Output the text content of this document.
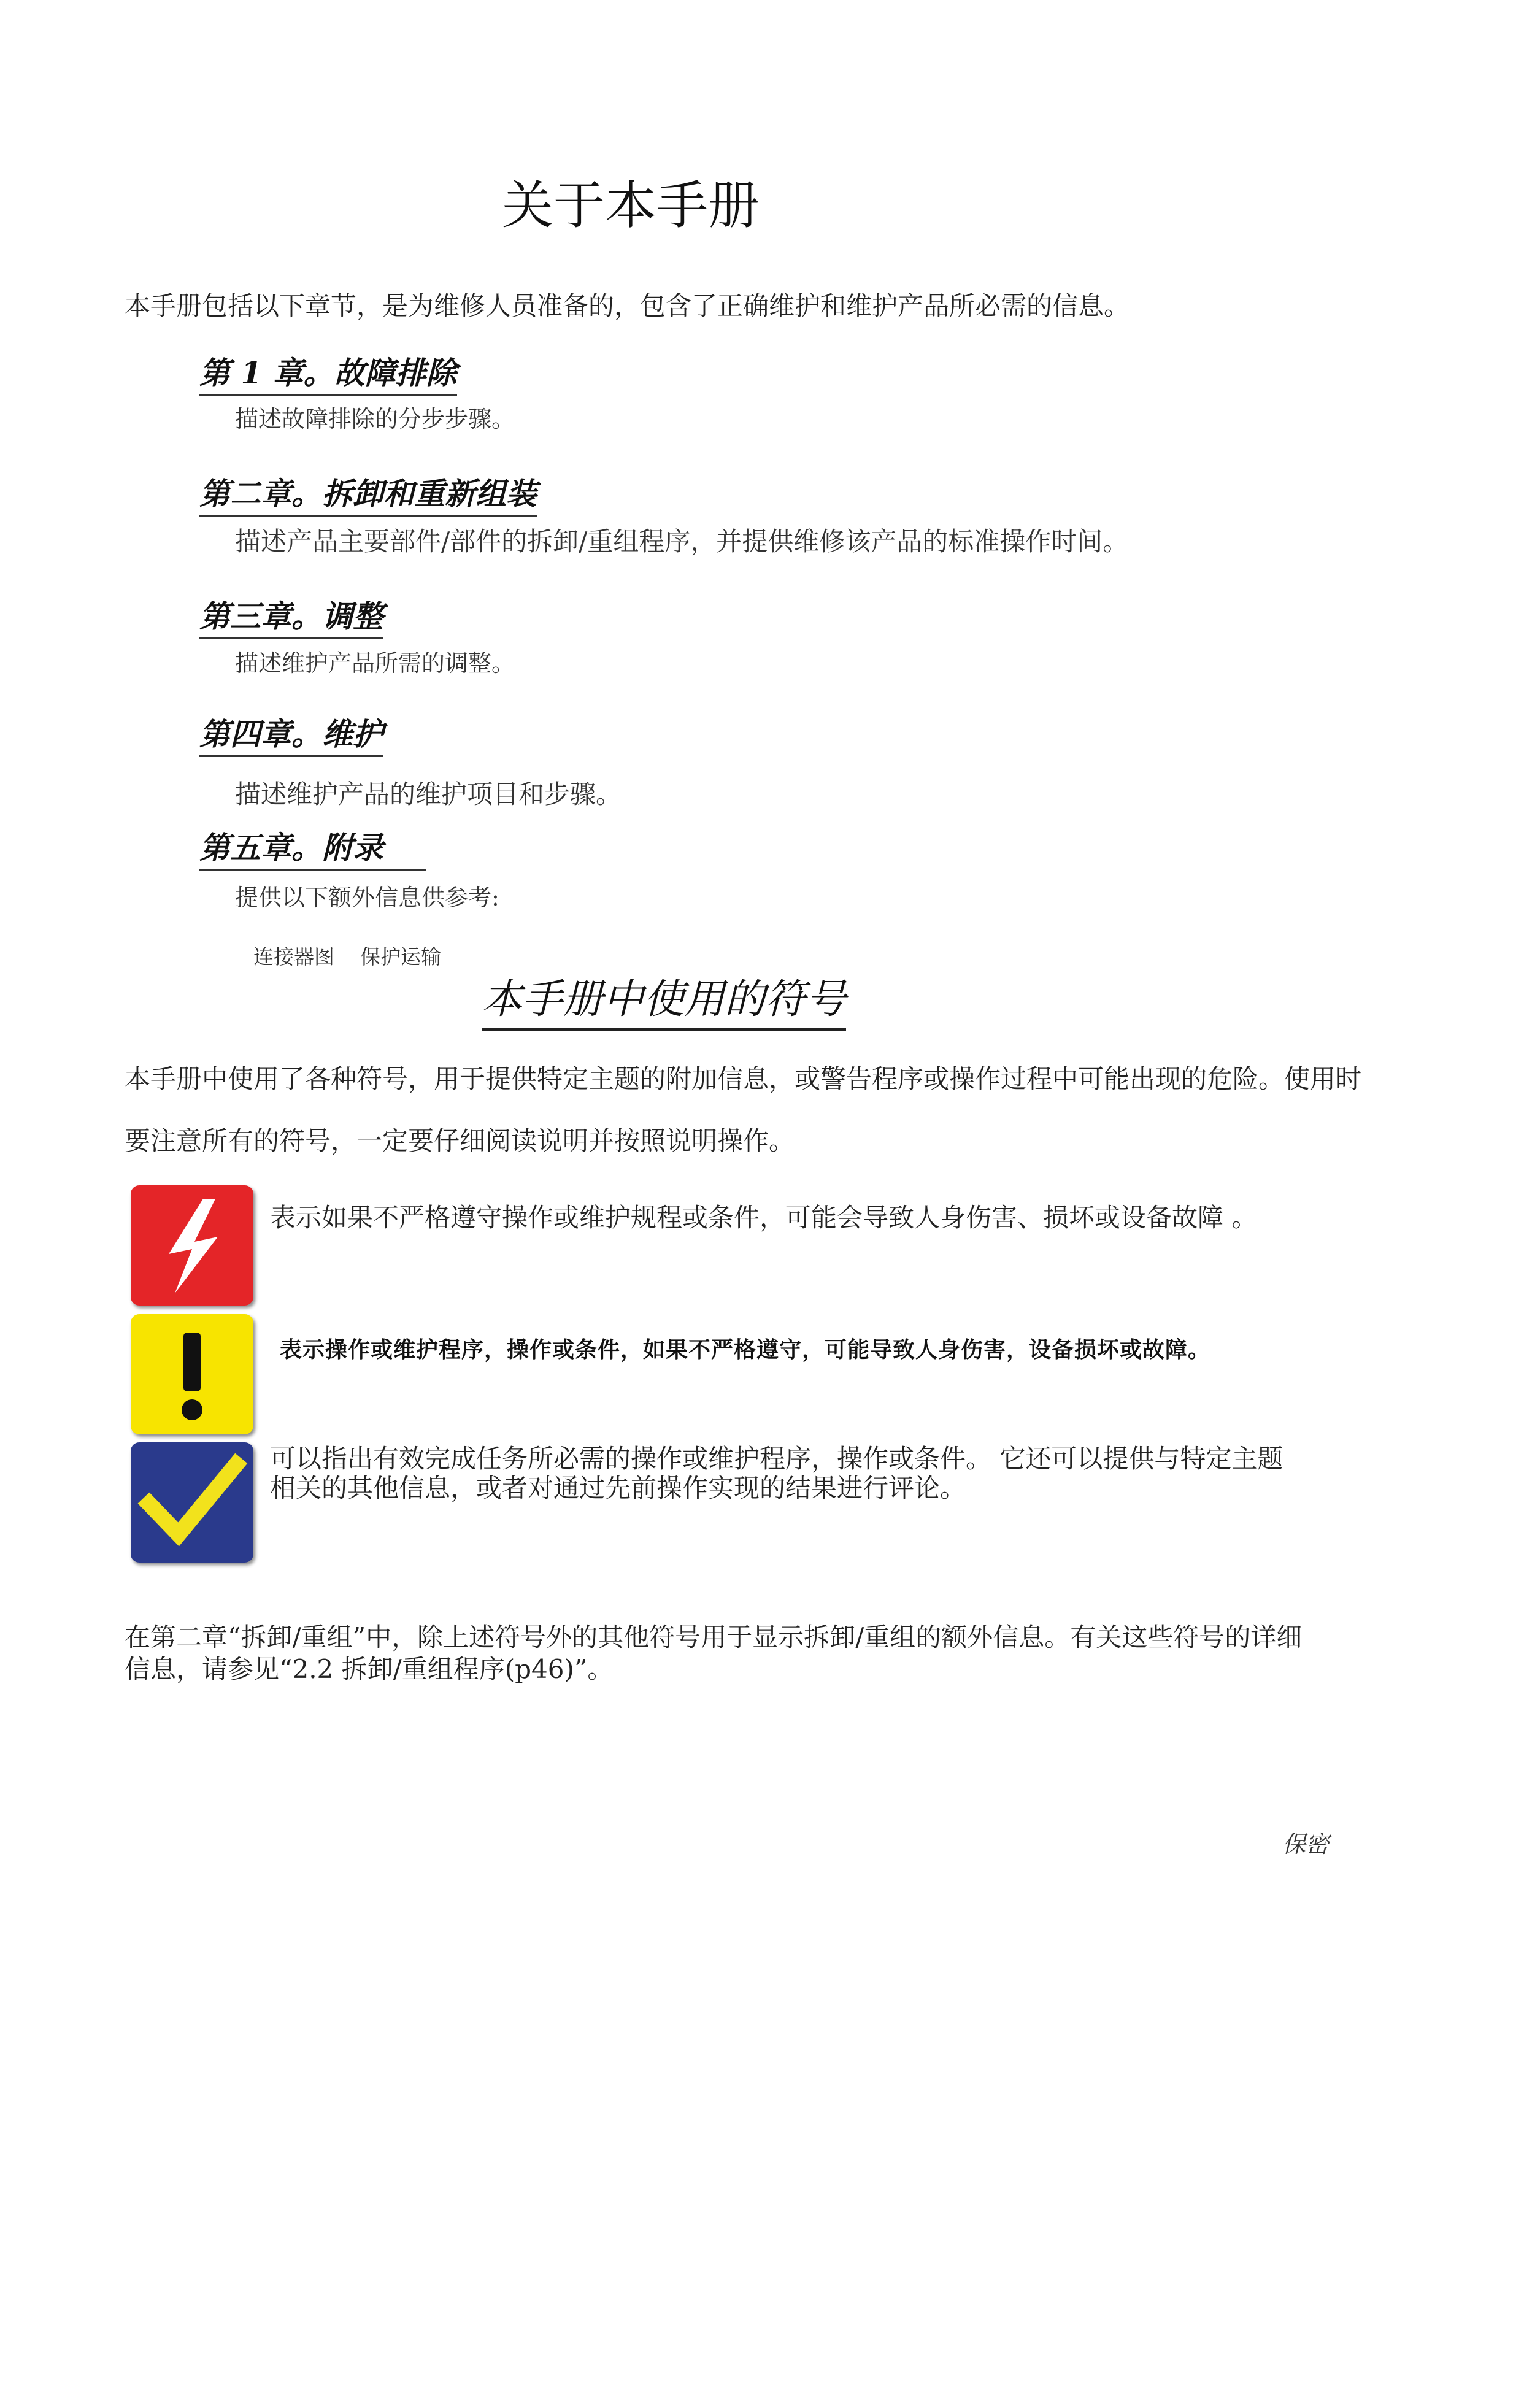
关于本手册
本手册包括以下章节，是为维修人员准备的，包含了正确维护和维护产品所必需的信息。
第 1 章。故障排除
描述故障排除的分步步骤。
第二章。拆卸和重新组装
描述产品主要部件/部件的拆卸/重组程序，并提供维修该产品的标准操作时间。
第三章。调整
描述维护产品所需的调整。
第四章。维护
描述维护产品的维护项目和步骤。
第五章。附录
提供以下额外信息供参考:
连接器图    保护运输
本手册中使用的符号
本手册中使用了各种符号，用于提供特定主题的附加信息，或警告程序或操作过程中可能出现的危险。使用时
要注意所有的符号，一定要仔细阅读说明并按照说明操作。
表示如果不严格遵守操作或维护规程或条件，可能会导致人身伤害、损坏或设备故障 。
表示操作或维护程序，操作或条件，如果不严格遵守，可能导致人身伤害，设备损坏或故障。
可以指出有效完成任务所必需的操作或维护程序，操作或条件。 它还可以提供与特定主题
相关的其他信息，或者对通过先前操作实现的结果进行评论。
在第二章“拆卸/重组”中，除上述符号外的其他符号用于显示拆卸/重组的额外信息。有关这些符号的详细
信息，请参见“2.2 拆卸/重组程序(p46)”。
保密
